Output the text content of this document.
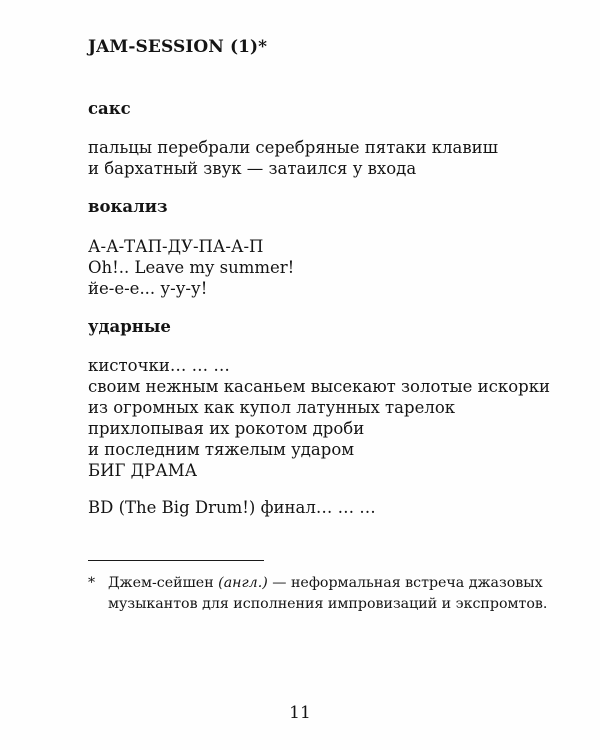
JAM-SESSION (1)*
сакс
пальцы перебрали серебряные пятаки клавиш
и бархатный звук — затаился у входа
вокализ
А-А-ТАП-ДУ-ПА-А-П
Oh!.. Leave my summer!
йе-е-е... у-у-у!
ударные
кисточки… … …
своим нежным касаньем высекают золотые искорки
из огромных как купол латунных тарелок
прихлопывая их рокотом дроби
и последним тяжелым ударом
БИГ ДРАМА
BD (The Big Drum!) финал… … …
* Джем-сейшен (англ.) — неформальная встреча джазовых
музыкантов для исполнения импровизаций и экспромтов.
11
